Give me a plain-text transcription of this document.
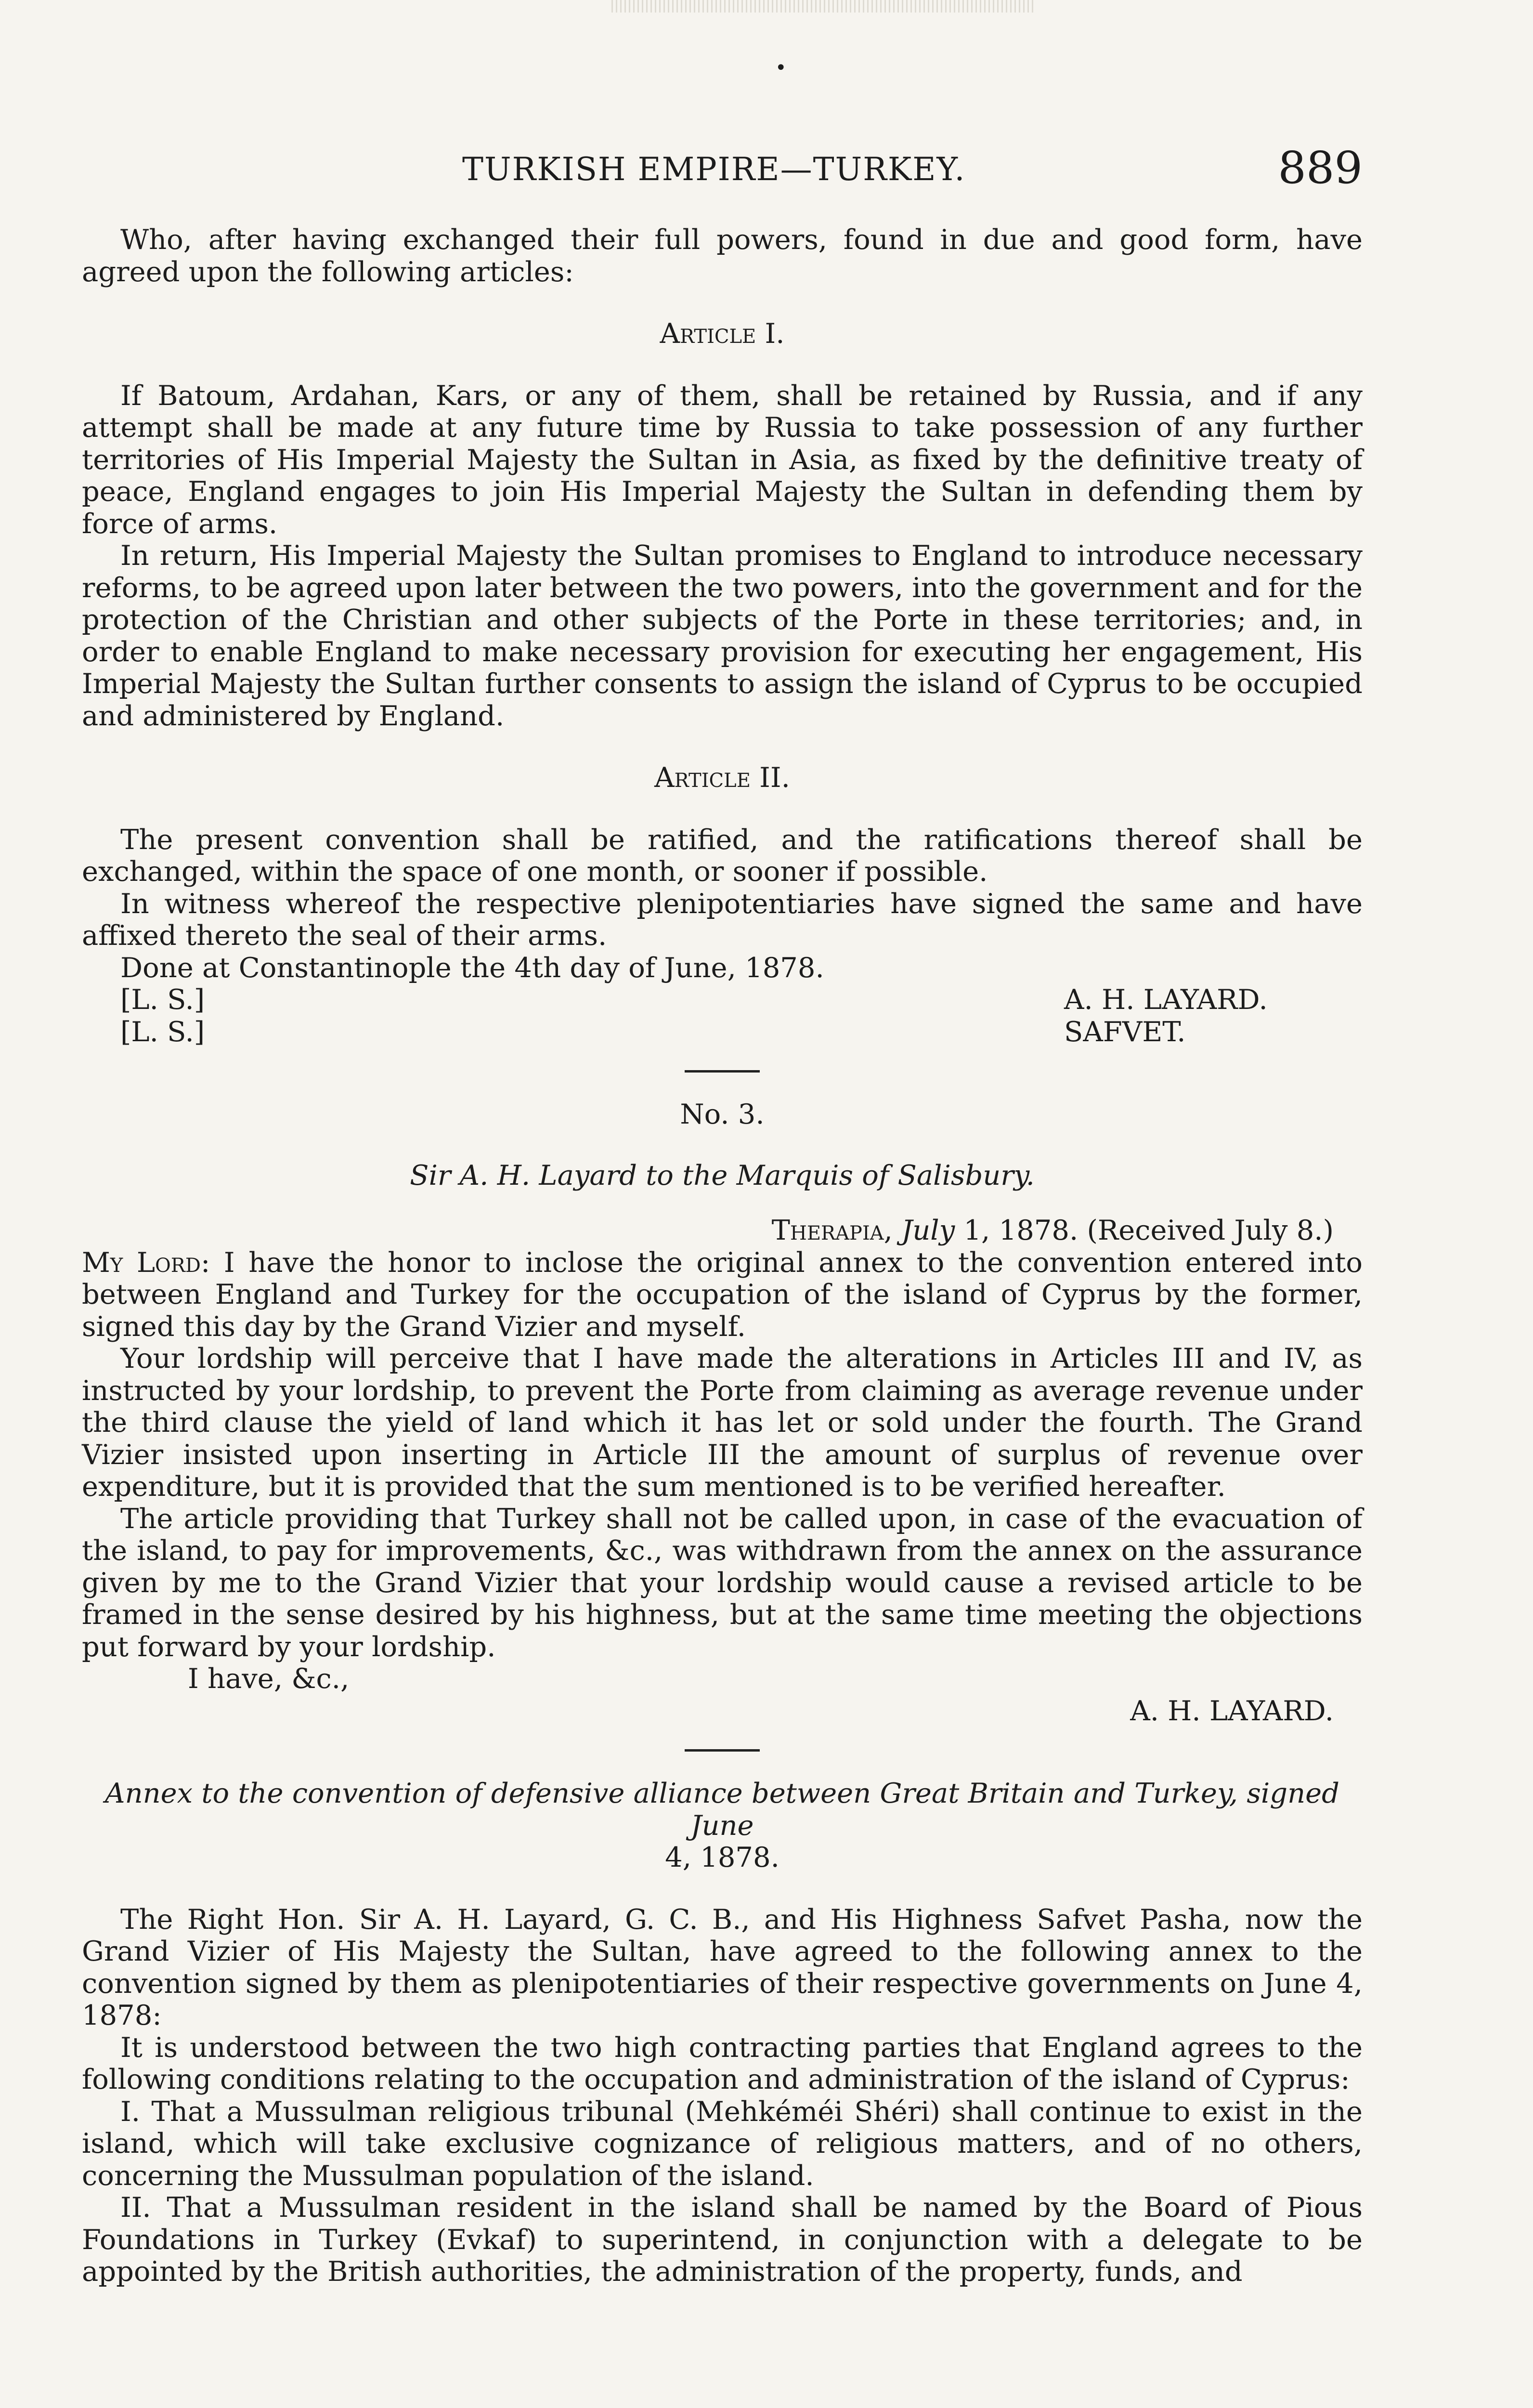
•
TURKISH EMPIRE—TURKEY.	889

Who, after having exchanged their full powers, found in due and good form, have agreed upon the following articles:

Article I.

If Batoum, Ardahan, Kars, or any of them, shall be retained by Russia, and if any attempt shall be made at any future time by Russia to take possession of any further territories of His Imperial Majesty the Sultan in Asia, as fixed by the definitive treaty of peace, England engages to join His Imperial Majesty the Sultan in defending them by force of arms.

In return, His Imperial Majesty the Sultan promises to England to introduce necessary reforms, to be agreed upon later between the two powers, into the government and for the protection of the Christian and other subjects of the Porte in these territories; and, in order to enable England to make necessary provision for executing her engagement, His Imperial Majesty the Sultan further consents to assign the island of Cyprus to be occupied and administered by England.

Article II.

The present convention shall be ratified, and the ratifications thereof shall be exchanged, within the space of one month, or sooner if possible.

In witness whereof the respective plenipotentiaries have signed the same and have affixed thereto the seal of their arms.

Done at Constantinople the 4th day of June, 1878.
[L. S.]	A. H. LAYARD.
[L. S.]	SAFVET.
No. 3.
Sir A. H. Layard to the Marquis of Salisbury.
Therapia, July 1, 1878. (Received July 8.)

My Lord: I have the honor to inclose the original annex to the convention entered into between England and Turkey for the occupation of the island of Cyprus by the former, signed this day by the Grand Vizier and myself.

Your lordship will perceive that I have made the alterations in Articles III and IV, as instructed by your lordship, to prevent the Porte from claiming as average revenue under the third clause the yield of land which it has let or sold under the fourth. The Grand Vizier insisted upon inserting in Article III the amount of surplus of revenue over expenditure, but it is provided that the sum mentioned is to be verified hereafter.

The article providing that Turkey shall not be called upon, in case of the evacuation of the island, to pay for improvements, &c., was withdrawn from the annex on the assurance given by me to the Grand Vizier that your lordship would cause a revised article to be framed in the sense desired by his highness, but at the same time meeting the objections put forward by your lordship.

I have, &c.,
A. H. LAYARD.
Annex to the convention of defensive alliance between Great Britain and Turkey, signed June
4, 1878.

The Right Hon. Sir A. H. Layard, G. C. B., and His Highness Safvet Pasha, now the Grand Vizier of His Majesty the Sultan, have agreed to the following annex to the convention signed by them as plenipotentiaries of their respective governments on June 4, 1878:

It is understood between the two high contracting parties that England agrees to the following conditions relating to the occupation and administration of the island of Cyprus:

I. That a Mussulman religious tribunal (Mehkéméi Shéri) shall continue to exist in the island, which will take exclusive cognizance of religious matters, and of no others, concerning the Mussulman population of the island.

II. That a Mussulman resident in the island shall be named by the Board of Pious Foundations in Turkey (Evkaf) to superintend, in conjunction with a delegate to be appointed by the British authorities, the administration of the property, funds, and
